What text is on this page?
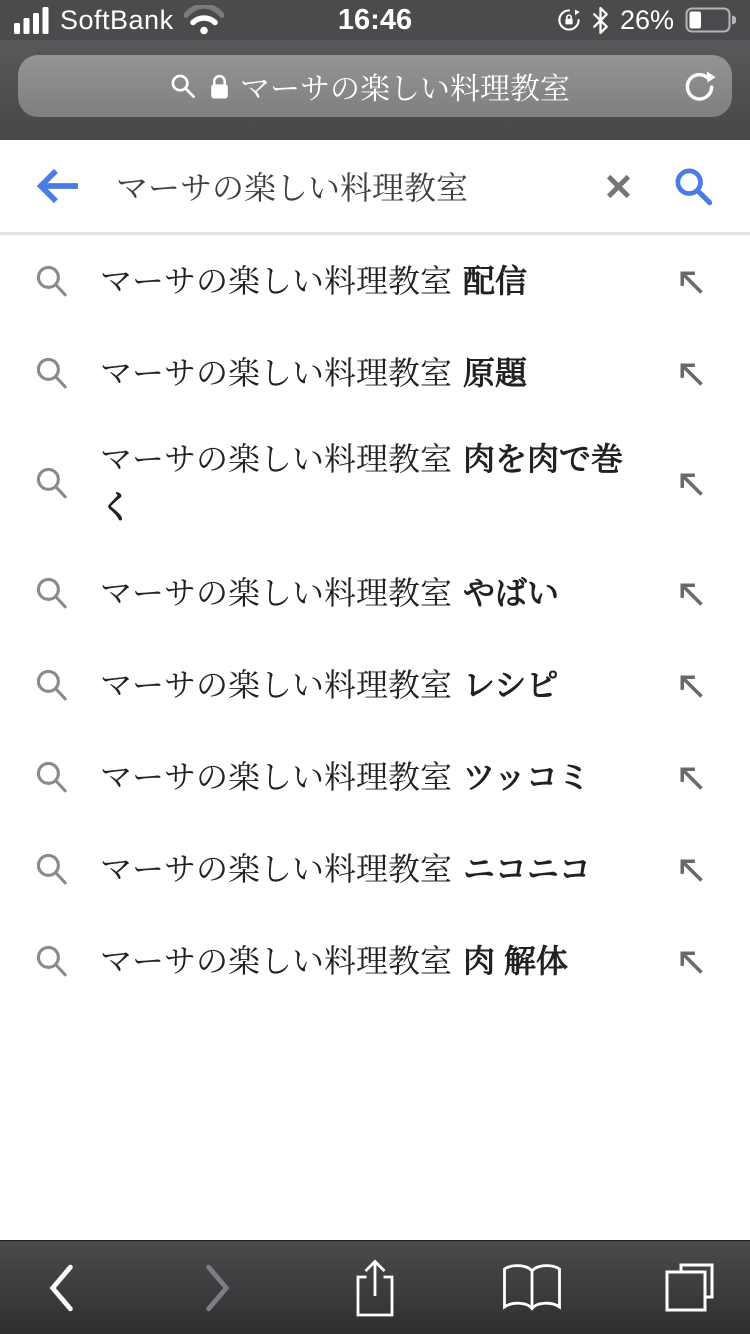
SoftBank	16:46	26%
マーサの楽しい料理教室
マーサの楽しい料理教室
マーサの楽しい料理教室 配信
マーサの楽しい料理教室 原題
マーサの楽しい料理教室 肉を肉で巻く
マーサの楽しい料理教室 やばい
マーサの楽しい料理教室 レシピ
マーサの楽しい料理教室 ツッコミ
マーサの楽しい料理教室 ニコニコ
マーサの楽しい料理教室 肉 解体
